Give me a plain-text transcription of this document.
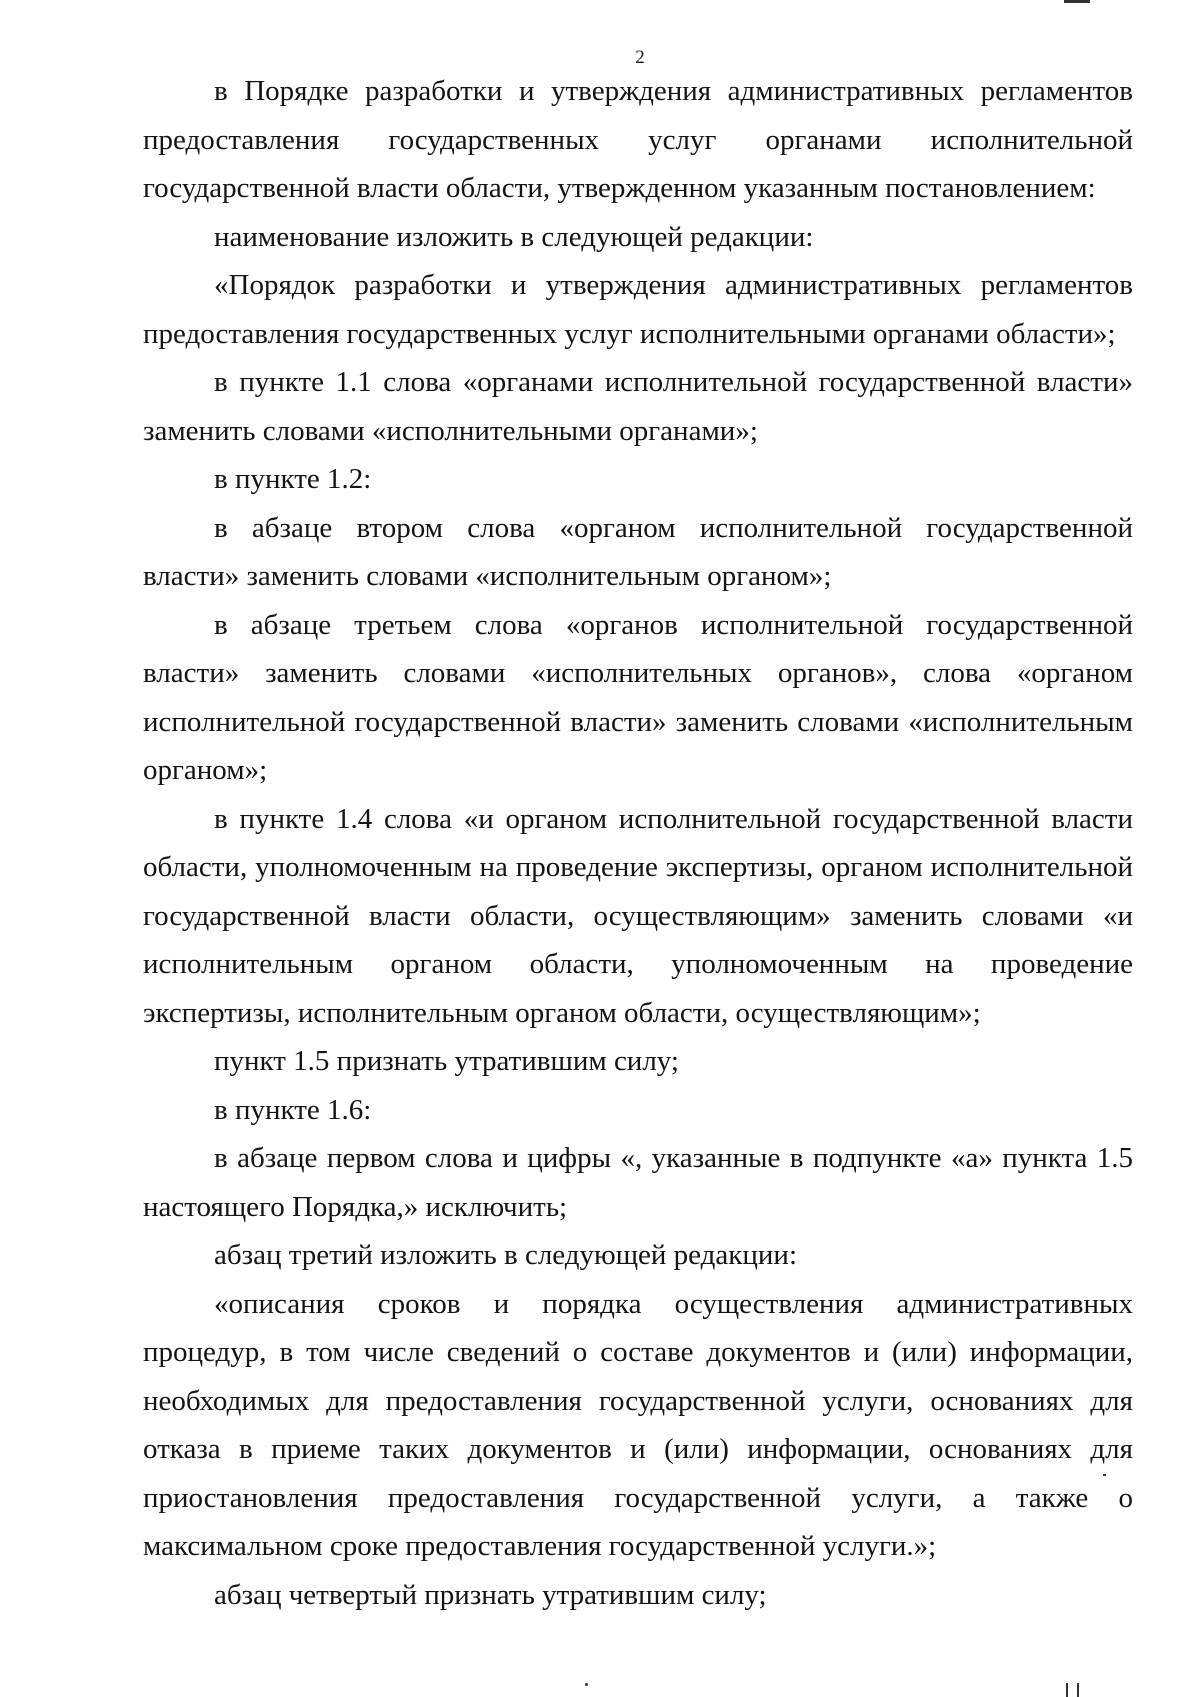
2

в Порядке разработки и утверждения административных регламентов предоставления государственных услуг органами исполнительной государственной власти области, утвержденном указанным постановлением:

наименование изложить в следующей редакции:

«Порядок разработки и утверждения административных регламентов предоставления государственных услуг исполнительными органами области»;

в пункте 1.1 слова «органами исполнительной государственной власти» заменить словами «исполнительными органами»;

в пункте 1.2:

в абзаце втором слова «органом исполнительной государственной власти» заменить словами «исполнительным органом»;

в абзаце третьем слова «органов исполнительной государственной власти» заменить словами «исполнительных органов», слова «органом исполнительной государственной власти» заменить словами «исполнительным органом»;

в пункте 1.4 слова «и органом исполнительной государственной власти области, уполномоченным на проведение экспертизы, органом исполнительной государственной власти области, осуществляющим» заменить словами «и исполнительным органом области, уполномоченным на проведение экспертизы, исполнительным органом области, осуществляющим»;

пункт 1.5 признать утратившим силу;

в пункте 1.6:

в абзаце первом слова и цифры «, указанные в подпункте «а» пункта 1.5 настоящего Порядка,» исключить;

абзац третий изложить в следующей редакции:

«описания сроков и порядка осуществления административных процедур, в том числе сведений о составе документов и (или) информации, необходимых для предоставления государственной услуги, основаниях для отказа в приеме таких документов и (или) информации, основаниях для приостановления предоставления государственной услуги, а также о максимальном сроке предоставления государственной услуги.»;

абзац четвертый признать утратившим силу;
